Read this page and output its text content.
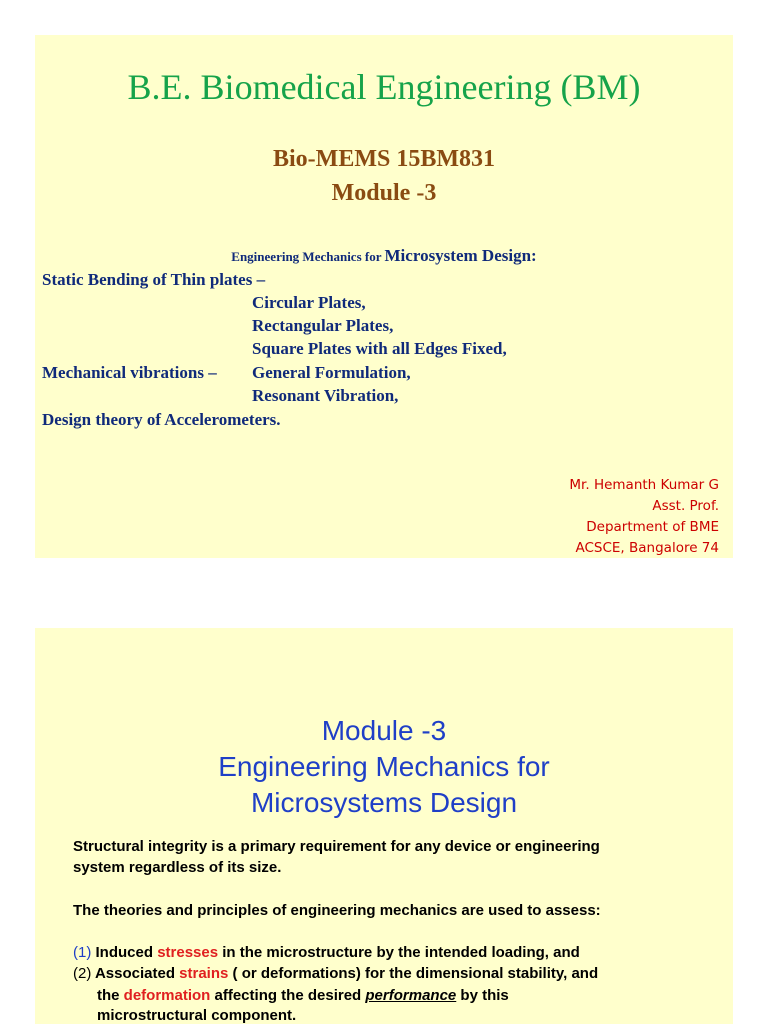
B.E. Biomedical Engineering (BM)
Bio-MEMS 15BM831
Module -3
Engineering Mechanics for Microsystem Design:
Static Bending of Thin plates –
Circular Plates,
Rectangular Plates,
Square Plates with all Edges Fixed,
Mechanical vibrations – General Formulation,
Resonant Vibration,
Design theory of Accelerometers.
Mr. Hemanth Kumar G
Asst. Prof.
Department of BME
ACSCE, Bangalore 74
Module -3
Engineering Mechanics for
Microsystems Design
Structural integrity is a primary requirement for any device or engineering
system regardless of its size.
The theories and principles of engineering mechanics are used to assess:
(1) Induced stresses in the microstructure by the intended loading, and
(2) Associated strains ( or deformations) for the dimensional stability, and
the deformation affecting the desired performance by this
microstructural component.
